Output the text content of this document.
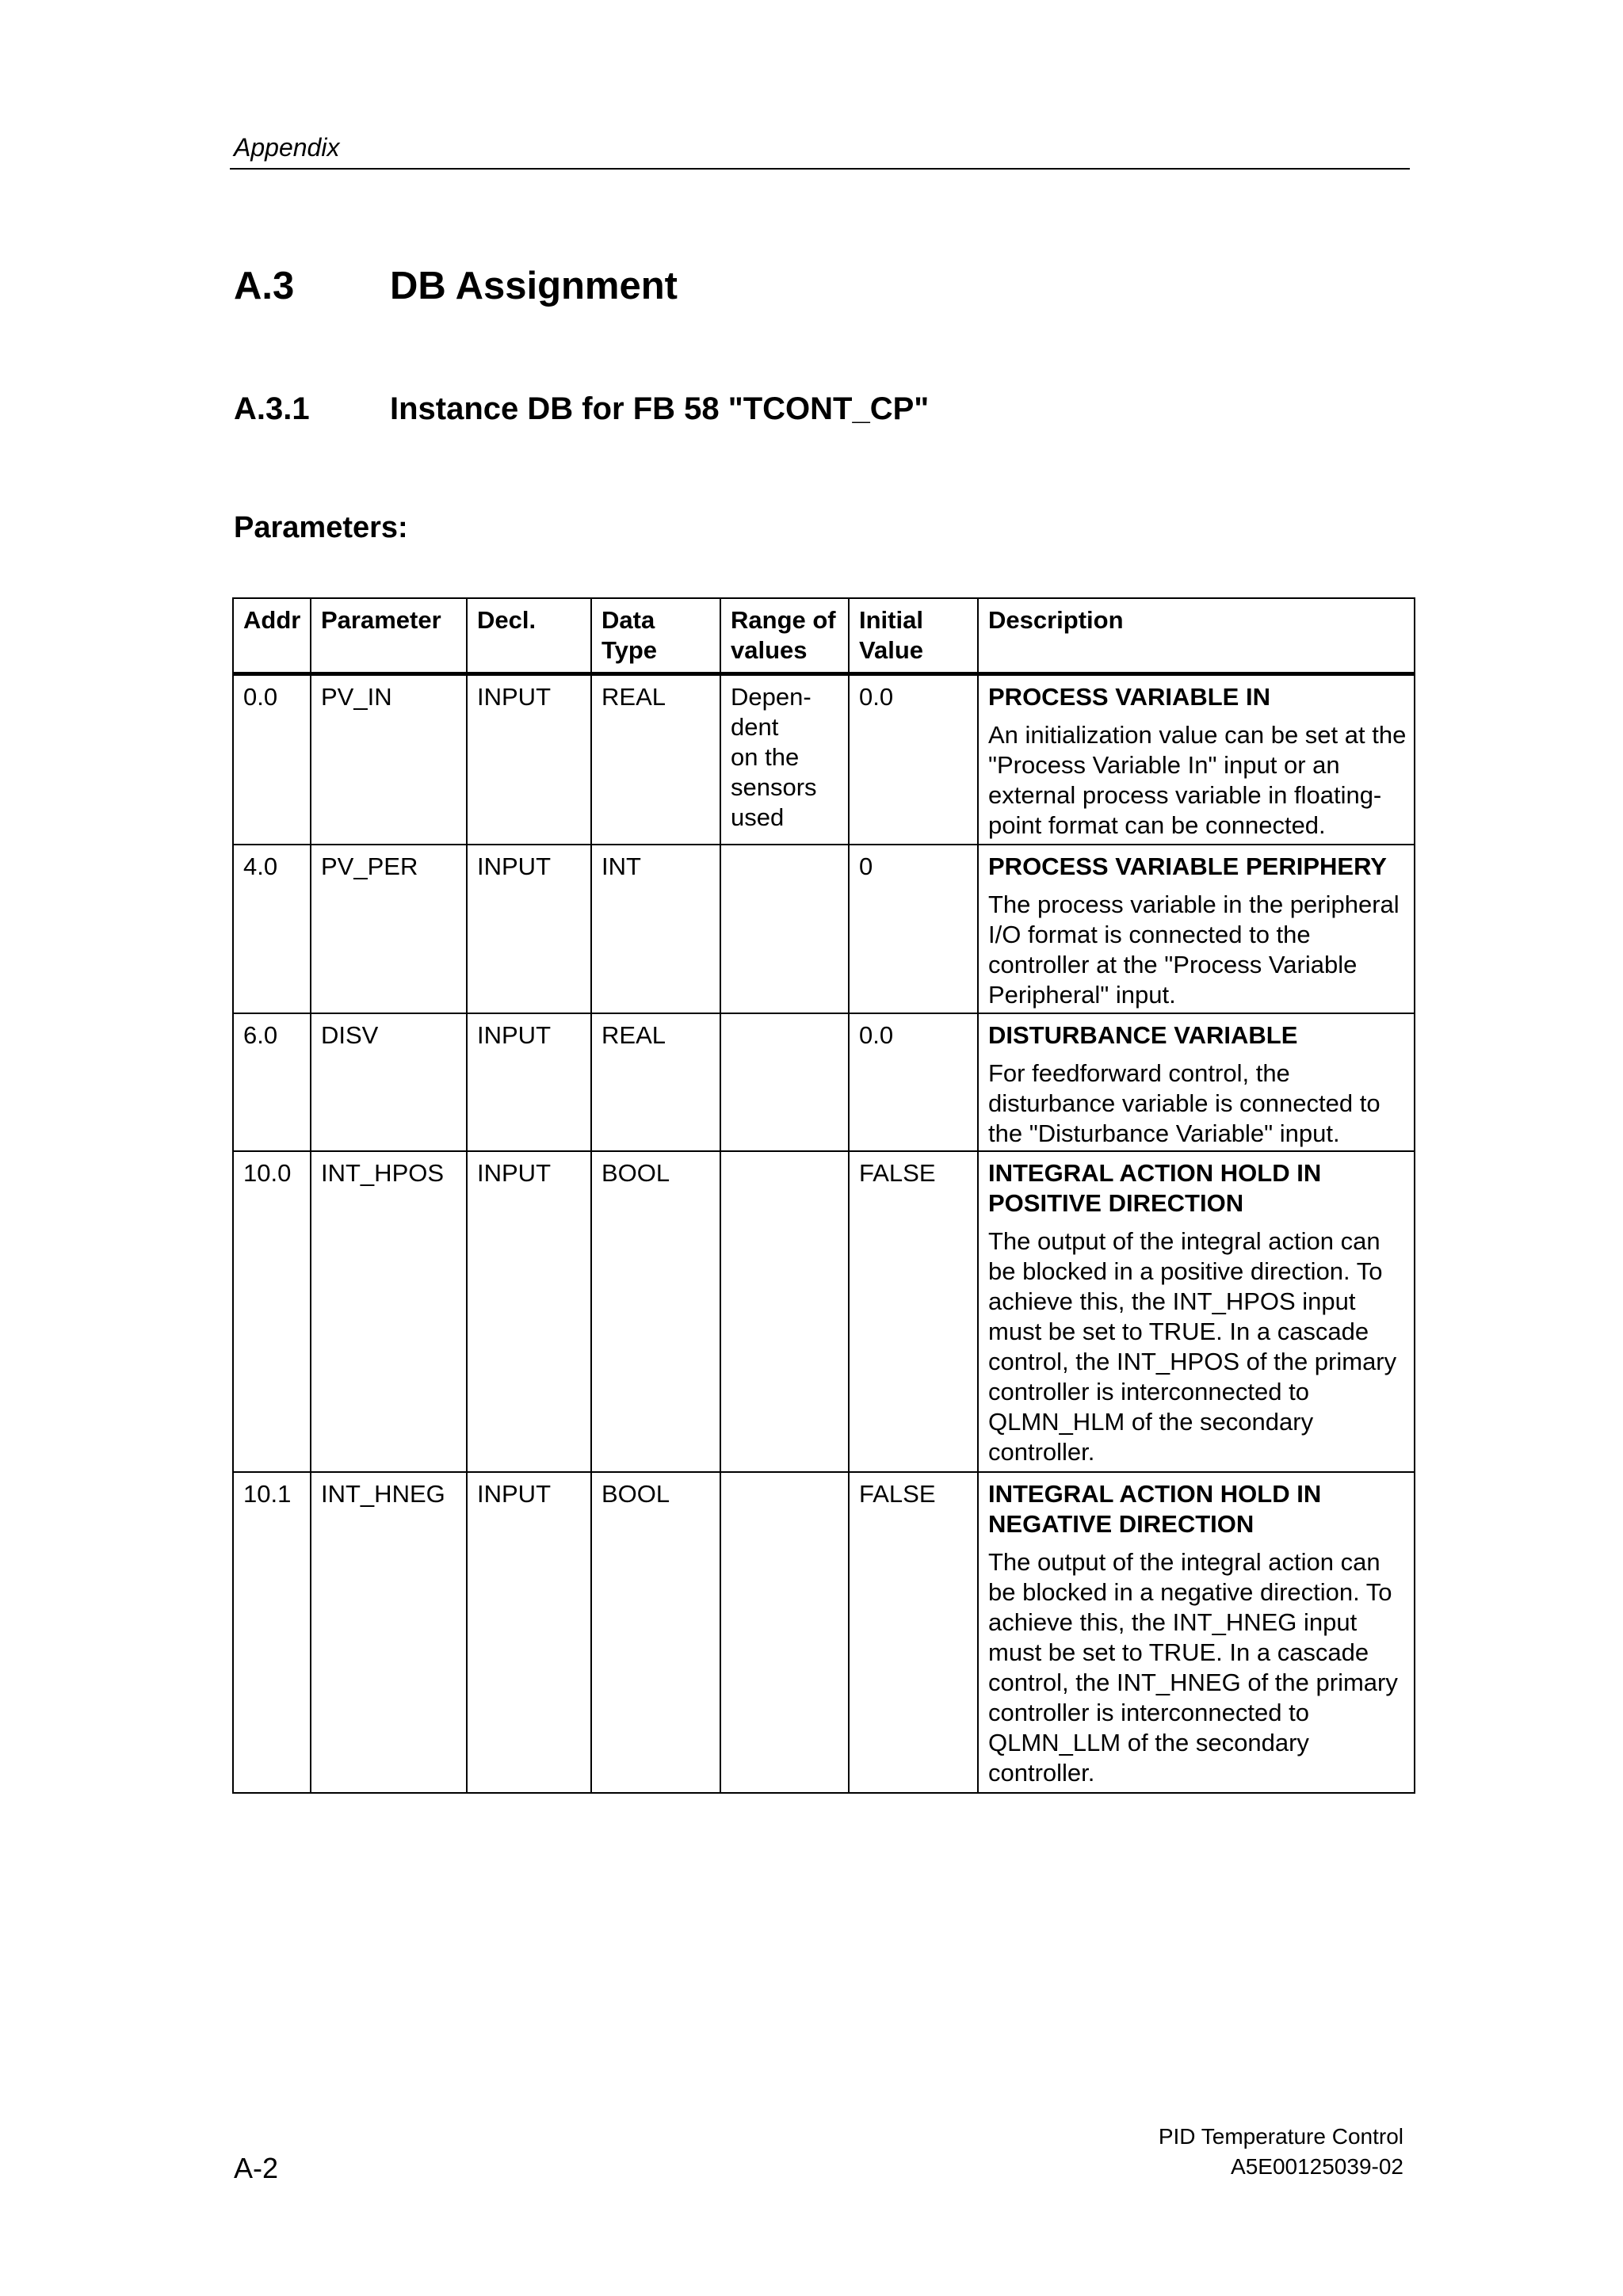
Appendix
A.3 DB Assignment
A.3.1	Instance DB for FB 58 "TCONT_CP"
Parameters:
Addr	Parameter	Decl.	Data Type	Range of values	Initial Value	Description
0.0	PV_IN	INPUT	REAL	Depen-dent on the sensors used	0.0	PROCESS VARIABLE IN
An initialization value can be set at the "Process Variable In" input or an external process variable in floating-point format can be connected.

4.0	PV_PER	INPUT	INT		0	PROCESS VARIABLE PERIPHERY
The process variable in the peripheral I/O format is connected to the controller at the "Process Variable Peripheral" input.

6.0	DISV	INPUT	REAL		0.0	DISTURBANCE VARIABLE
For feedforward control, the disturbance variable is connected to the "Disturbance Variable" input.

10.0	INT_HPOS	INPUT	BOOL		FALSE	INTEGRAL ACTION HOLD IN POSITIVE DIRECTION
The output of the integral action can be blocked in a positive direction. To achieve this, the INT_HPOS input must be set to TRUE. In a cascade control, the INT_HPOS of the primary controller is interconnected to QLMN_HLM of the secondary controller.

10.1	INT_HNEG	INPUT	BOOL		FALSE	INTEGRAL ACTION HOLD IN NEGATIVE DIRECTION
The output of the integral action can be blocked in a negative direction. To achieve this, the INT_HNEG input must be set to TRUE. In a cascade control, the INT_HNEG of the primary controller is interconnected to QLMN_LLM of the secondary controller.
A-2
PID Temperature Control
A5E00125039-02
